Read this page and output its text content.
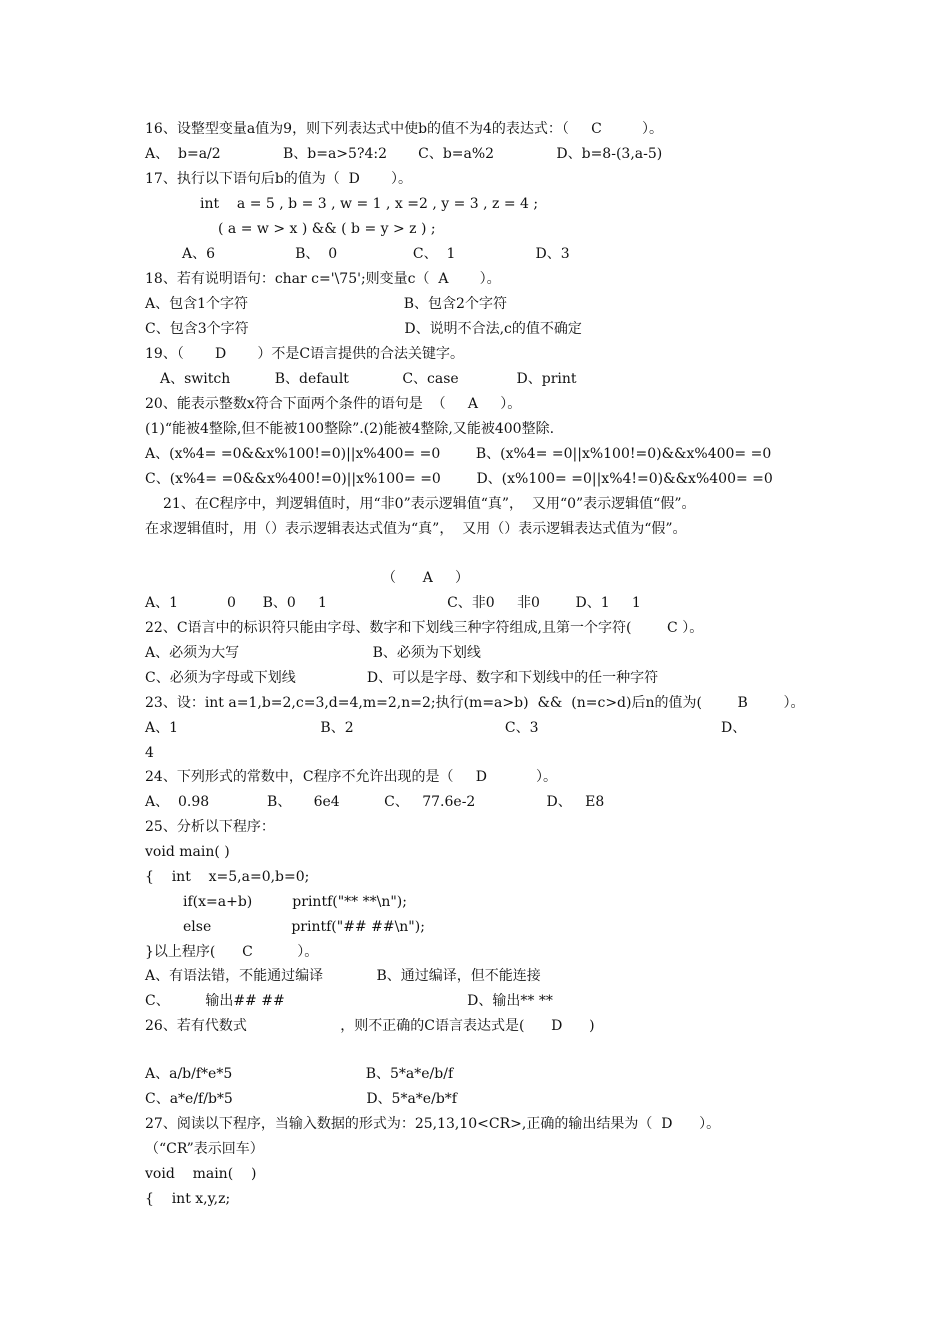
16、设整型变量a值为9，则下列表达式中使b的值不为4的表达式：（     C         ）。
A、  b=a/2              B、b=a>5?4:2       C、b=a%2              D、b=8-(3,a-5)
17、执行以下语句后b的值为（  D       ）。
int    a = 5 , b = 3 , w = 1 , x =2 , y = 3 , z = 4 ;
( a = w > x ) && ( b = y > z ) ;
A、6                  B、  0                 C、  1                  D、3
18、若有说明语句：char c='\75';则变量c（  A       ）。
A、包含1个字符                                   B、包含2个字符
C、包含3个字符                                   D、说明不合法,c的值不确定
19、（       D       ）不是C语言提供的合法关键字。
A、switch          B、default            C、case             D、print
20、能表示整数x符合下面两个条件的语句是  （     A     ）。
(1)“能被4整除,但不能被100整除”.(2)能被4整除,又能被400整除.
A、(x%4= =0&&x%100!=0)||x%400= =0        B、(x%4= =0||x%100!=0)&&x%400= =0
C、(x%4= =0&&x%400!=0)||x%100= =0        D、(x%100= =0||x%4!=0)&&x%400= =0
21、在C程序中，判逻辑值时，用“非0”表示逻辑值“真”，  又用“0”表示逻辑值“假”。
在求逻辑值时，用（）表示逻辑表达式值为“真”，  又用（）表示逻辑表达式值为“假”。
（      A     ）
A、1           0      B、0     1                           C、非0     非0        D、1     1
22、C语言中的标识符只能由字母、数字和下划线三种字符组成,且第一个字符(        C ）。
A、必须为大写                              B、必须为下划线
C、必须为字母或下划线                D、可以是字母、数字和下划线中的任一种字符
23、设：int a=1,b=2,c=3,d=4,m=2,n=2;执行(m=a>b)  &&  (n=c>d)后n的值为(        B        ）。
A、1                                B、2                                  C、3                                         D、
4
24、下列形式的常数中，C程序不允许出现的是（     D           ）。
A、  0.98             B、     6e4          C、   77.6e-2                D、   E8
25、分析以下程序：
void main( )
{    int    x=5,a=0,b=0;
if(x=a+b)         printf("** **\n");
else                  printf("## ##\n");
}以上程序(      C          ）。
A、有语法错，不能通过编译            B、通过编译，但不能连接
C、        输出## ##                                         D、输出** **
26、若有代数式                     ，则不正确的C语言表达式是(      D      )
A、a/b/f*e*5                              B、5*a*e/b/f
C、a*e/f/b*5                              D、5*a*e/b*f
27、阅读以下程序，当输入数据的形式为：25,13,10<CR>,正确的输出结果为（  D      ）。
（“CR”表示回车）
void    main(    )
{    int x,y,z;
